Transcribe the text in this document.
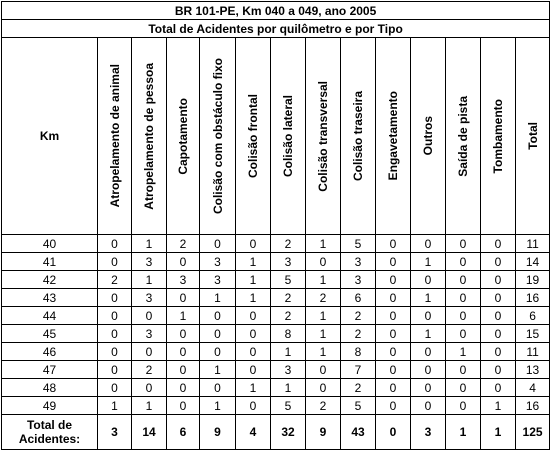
BR 101-PE, Km 040 a 049, ano 2005													
Total de Acidentes por quilômetro e por Tipo													
Km	Atropelamento de animal	Atropelamento de pessoa	Capotamento	Colisão com obstáculo fixo	Colisão frontal	Colisão lateral	Colisão transversal	Colisão traseira	Engavetamento	Outros	Saída de pista	Tombamento	Total

40	0	1	2	0	0	2	1	5	0	0	0	0	11
41	0	3	0	3	1	3	0	3	0	1	0	0	14
42	2	1	3	3	1	5	1	3	0	0	0	0	19
43	0	3	0	1	1	2	2	6	0	1	0	0	16
44	0	0	1	0	0	2	1	2	0	0	0	0	6
45	0	3	0	0	0	8	1	2	0	1	0	0	15
46	0	0	0	0	0	1	1	8	0	0	1	0	11
47	0	2	0	1	0	3	0	7	0	0	0	0	13
48	0	0	0	0	1	1	0	2	0	0	0	0	4
49	1	1	0	1	0	5	2	5	0	0	0	1	16
Total de
Acidentes:	3	14	6	9	4	32	9	43	0	3	1	1	125
